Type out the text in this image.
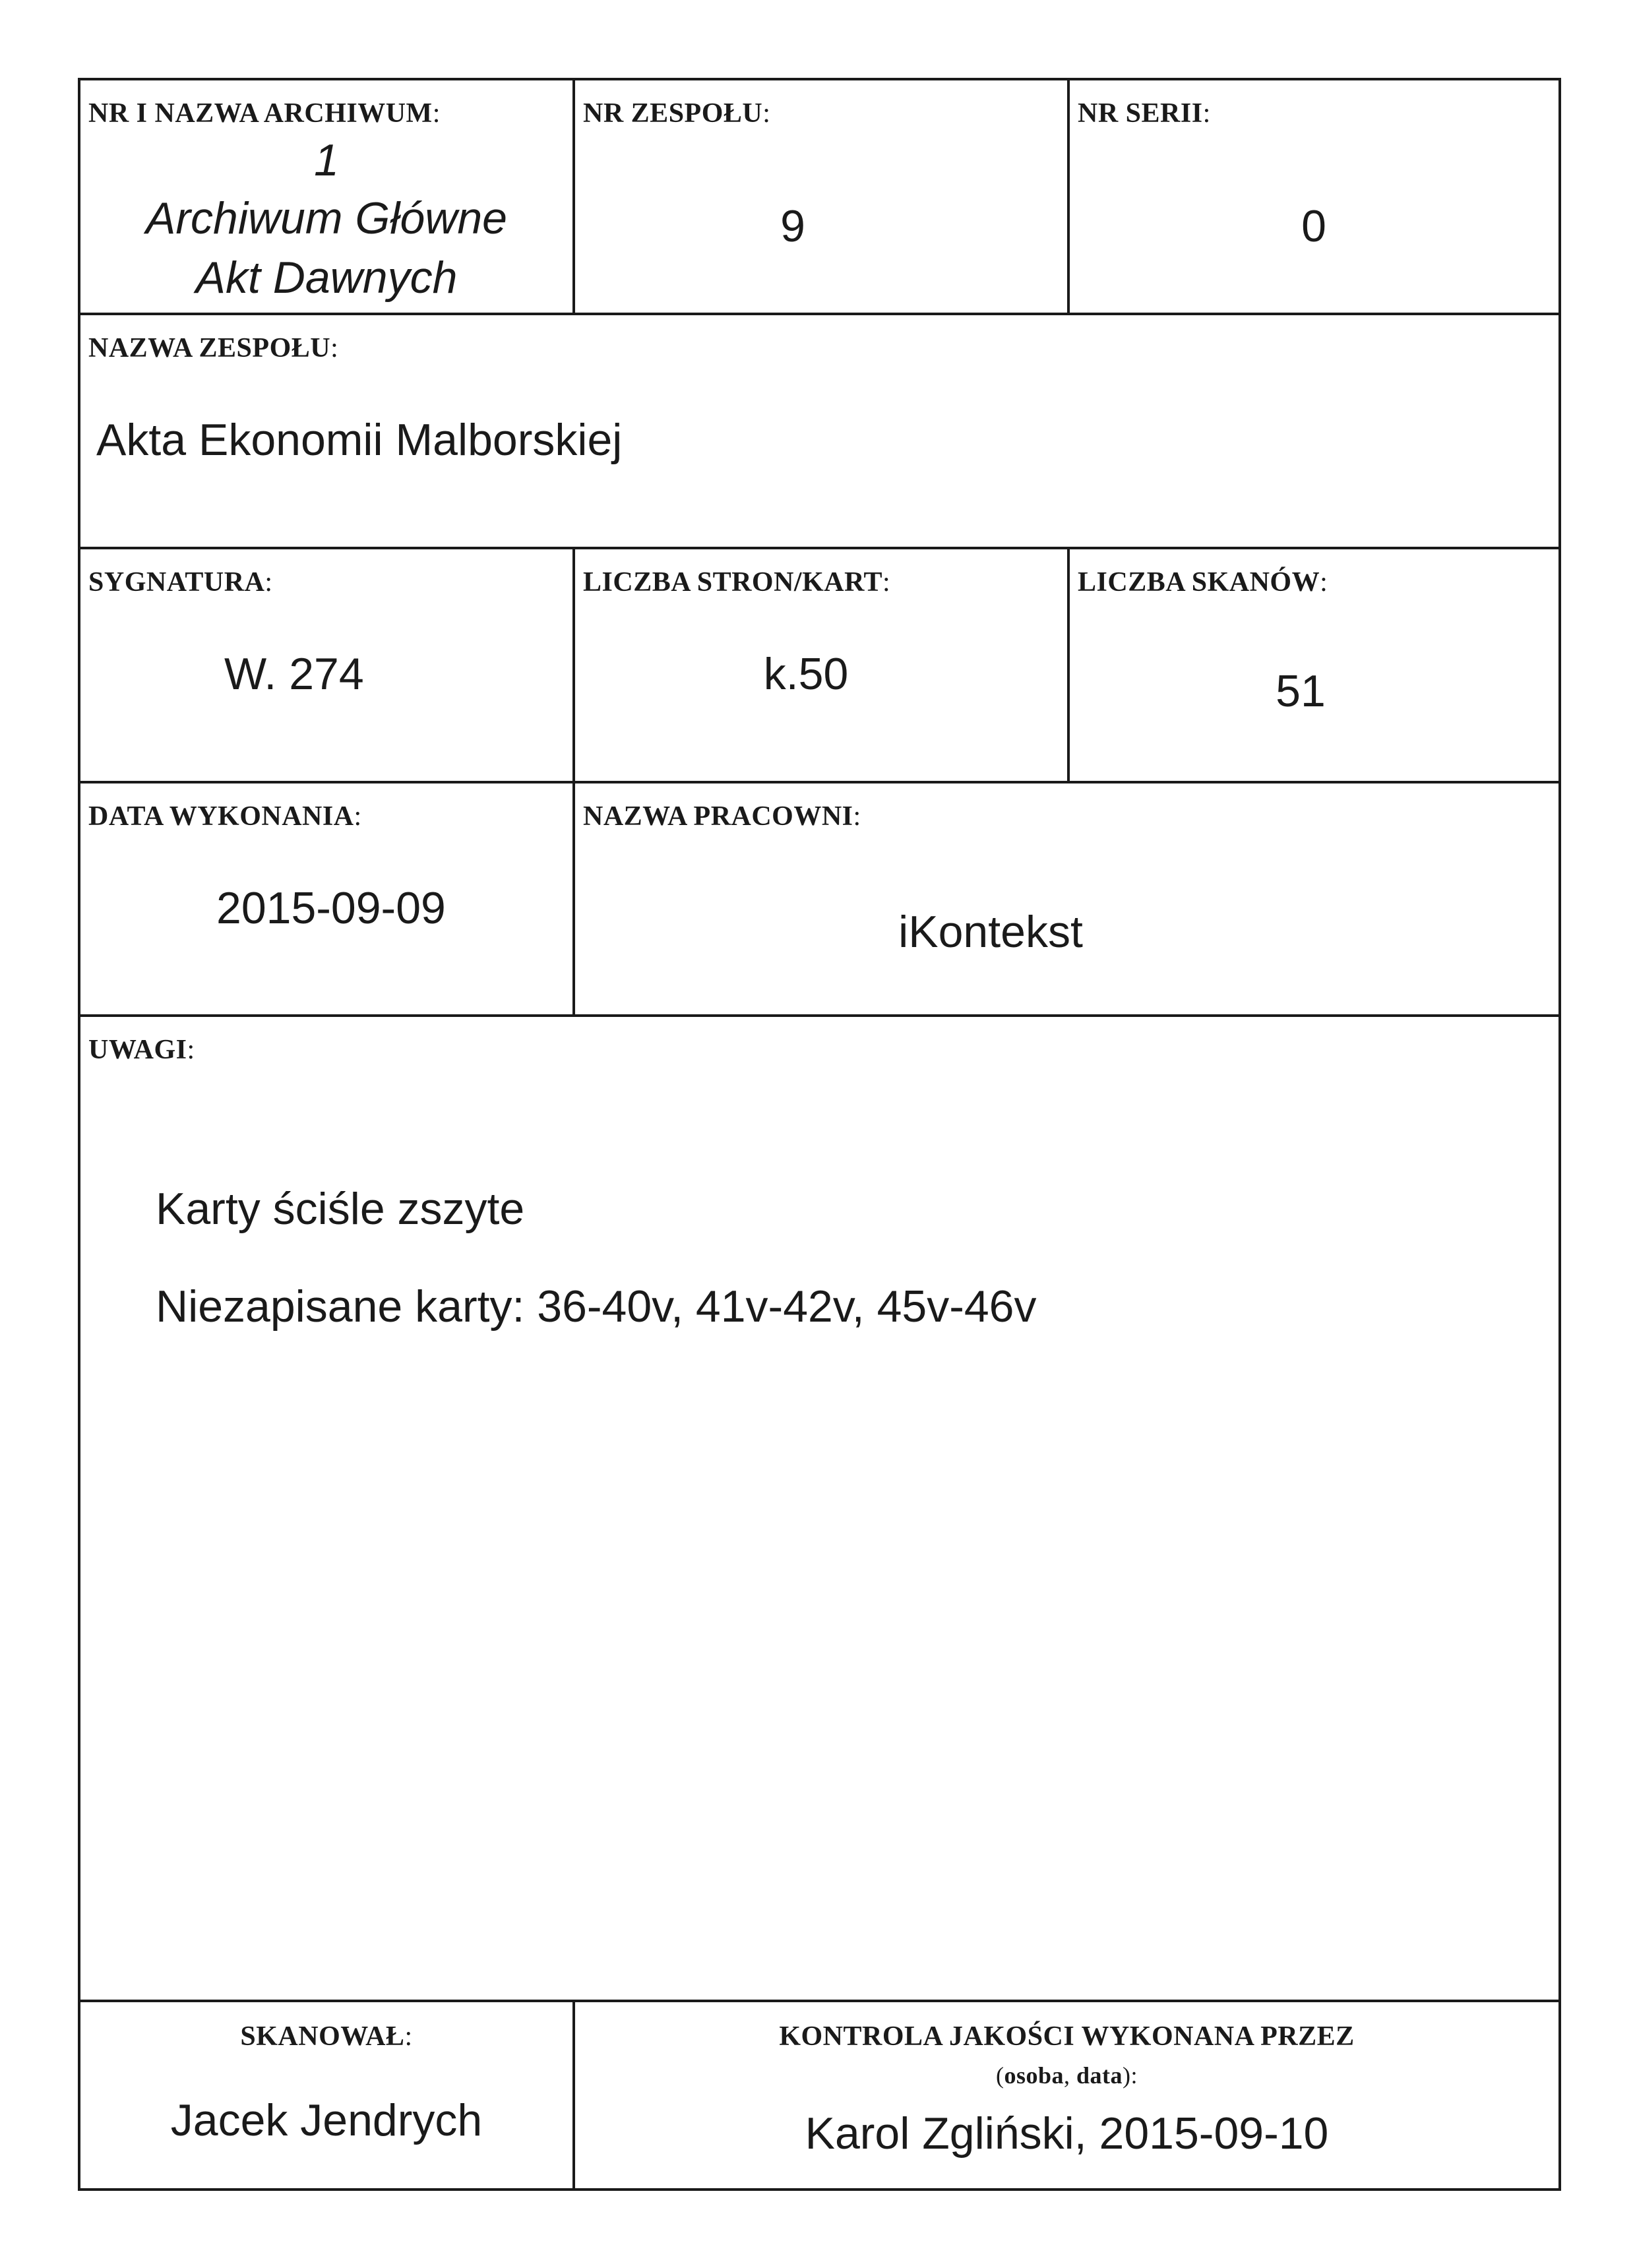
NR I NAZWA ARCHIWUM:
1
Archiwum Główne
Akt Dawnych
NR ZESPOŁU:
9
NR SERII:
0
NAZWA ZESPOŁU:
Akta Ekonomii Malborskiej
SYGNATURA:
W. 274
LICZBA STRON/KART:
k.50
LICZBA SKANÓW:
51
DATA WYKONANIA:
2015-09-09
NAZWA PRACOWNI:
iKontekst
UWAGI:
Karty ściśle zszyte
Niezapisane karty: 36-40v, 41v-42v, 45v-46v
SKANOWAŁ:
Jacek Jendrych
KONTROLA JAKOŚCI WYKONANA PRZEZ
(osoba, data):
Karol Zgliński, 2015-09-10
